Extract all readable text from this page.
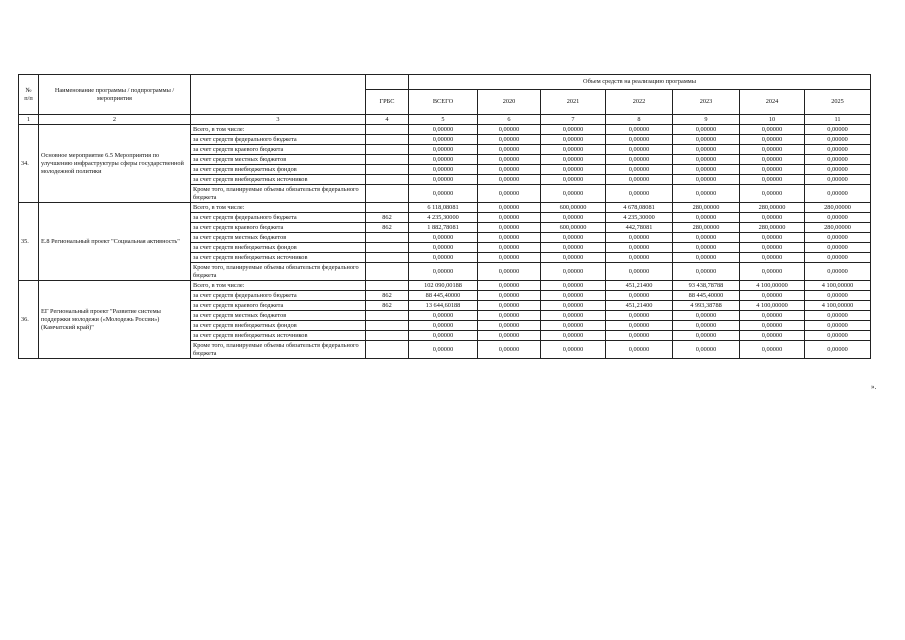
№
п/п	Наименование программы / подпрограммы / мероприятия			Объем средств на реализацию программы						
			ГРБС	ВСЕГО	2020	2021	2022	2023	2024	2025
1	2	3	4	5	6	7	8	9	10	11
34.	Основное мероприятие 6.5 Мероприятия по улучшению инфраструктуры сферы государственной молодежной политики	Всего, в том числе:		0,00000	0,00000	0,00000	0,00000	0,00000	0,00000	0,00000
		за счет средств федерального бюджета		0,00000	0,00000	0,00000	0,00000	0,00000	0,00000	0,00000
		за счет средств краевого бюджета		0,00000	0,00000	0,00000	0,00000	0,00000	0,00000	0,00000
		за счет средств местных бюджетов		0,00000	0,00000	0,00000	0,00000	0,00000	0,00000	0,00000
		за счет средств внебюджетных фондов		0,00000	0,00000	0,00000	0,00000	0,00000	0,00000	0,00000
		за счет средств внебюджетных источников		0,00000	0,00000	0,00000	0,00000	0,00000	0,00000	0,00000
		Кроме того, планируемые объемы обязательств федерального бюджета		0,00000	0,00000	0,00000	0,00000	0,00000	0,00000	0,00000
35.	Е.8 Региональный проект "Социальная активность"	Всего, в том числе:		6 118,08081	0,00000	600,00000	4 678,08081	280,00000	280,00000	280,00000
		за счет средств федерального бюджета	862	4 235,30000	0,00000	0,00000	4 235,30000	0,00000	0,00000	0,00000
		за счет средств краевого бюджета	862	1 882,78081	0,00000	600,00000	442,78081	280,00000	280,00000	280,00000
		за счет средств местных бюджетов		0,00000	0,00000	0,00000	0,00000	0,00000	0,00000	0,00000
		за счет средств внебюджетных фондов		0,00000	0,00000	0,00000	0,00000	0,00000	0,00000	0,00000
		за счет средств внебюджетных источников		0,00000	0,00000	0,00000	0,00000	0,00000	0,00000	0,00000
		Кроме того, планируемые объемы обязательств федерального бюджета		0,00000	0,00000	0,00000	0,00000	0,00000	0,00000	0,00000
36.	ЕГ Региональный проект "Развитие системы поддержки молодежи («Молодежь России») (Камчатский край)"	Всего, в том числе:		102 090,00188	0,00000	0,00000	451,21400	93 438,78788	4 100,00000	4 100,00000
		за счет средств федерального бюджета	862	88 445,40000	0,00000	0,00000	0,00000	88 445,40000	0,00000	0,00000
		за счет средств краевого бюджета	862	13 644,60188	0,00000	0,00000	451,21400	4 993,38788	4 100,00000	4 100,00000
		за счет средств местных бюджетов		0,00000	0,00000	0,00000	0,00000	0,00000	0,00000	0,00000
		за счет средств внебюджетных фондов		0,00000	0,00000	0,00000	0,00000	0,00000	0,00000	0,00000
		за счет средств внебюджетных источников		0,00000	0,00000	0,00000	0,00000	0,00000	0,00000	0,00000
		Кроме того, планируемые объемы обязательств федерального бюджета		0,00000	0,00000	0,00000	0,00000	0,00000	0,00000	0,00000
».
